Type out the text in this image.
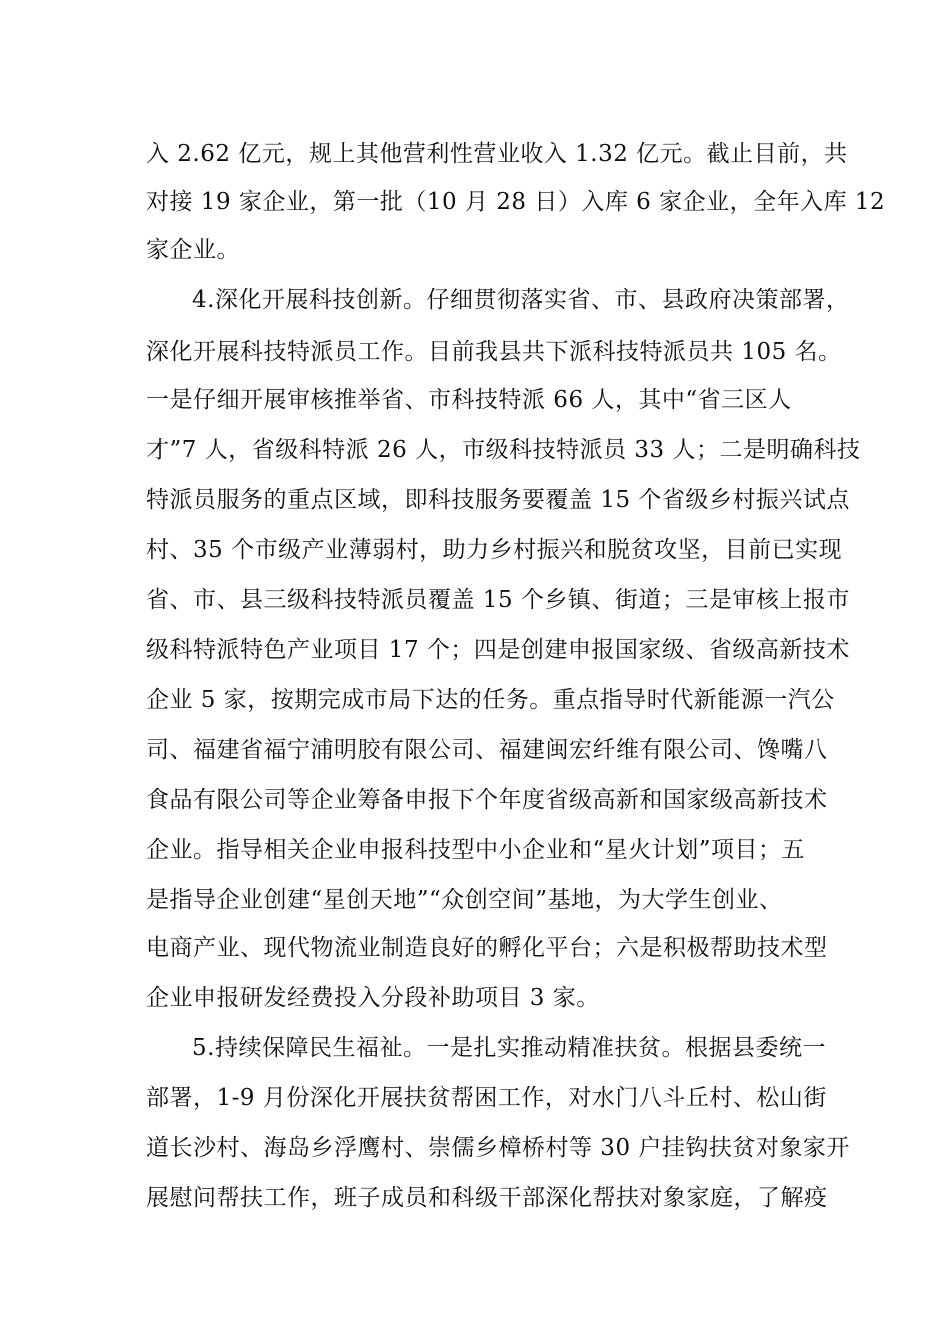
入 2.62 亿元，规上其他营利性营业收入 1.32 亿元。截止目前，共
对接 19 家企业，第一批（10 月 28 日）入库 6 家企业，全年入库 12
家企业。
4.深化开展科技创新。仔细贯彻落实省、市、县政府决策部署，
深化开展科技特派员工作。目前我县共下派科技特派员共 105 名。
一是仔细开展审核推举省、市科技特派 66 人，其中“省三区人
才”7 人，省级科特派 26 人，市级科技特派员 33 人；二是明确科技
特派员服务的重点区域，即科技服务要覆盖 15 个省级乡村振兴试点
村、35 个市级产业薄弱村，助力乡村振兴和脱贫攻坚，目前已实现
省、市、县三级科技特派员覆盖 15 个乡镇、街道；三是审核上报市
级科特派特色产业项目 17 个；四是创建申报国家级、省级高新技术
企业 5 家，按期完成市局下达的任务。重点指导时代新能源一汽公
司、福建省福宁浦明胶有限公司、福建闽宏纤维有限公司、馋嘴八
食品有限公司等企业筹备申报下个年度省级高新和国家级高新技术
企业。指导相关企业申报科技型中小企业和“星火计划”项目；五
是指导企业创建“星创天地”“众创空间”基地，为大学生创业、
电商产业、现代物流业制造良好的孵化平台；六是积极帮助技术型
企业申报研发经费投入分段补助项目 3 家。
5.持续保障民生福祉。一是扎实推动精准扶贫。根据县委统一
部署，1-9 月份深化开展扶贫帮困工作，对水门八斗丘村、松山街
道长沙村、海岛乡浮鹰村、崇儒乡樟桥村等 30 户挂钩扶贫对象家开
展慰问帮扶工作，班子成员和科级干部深化帮扶对象家庭，了解疫
